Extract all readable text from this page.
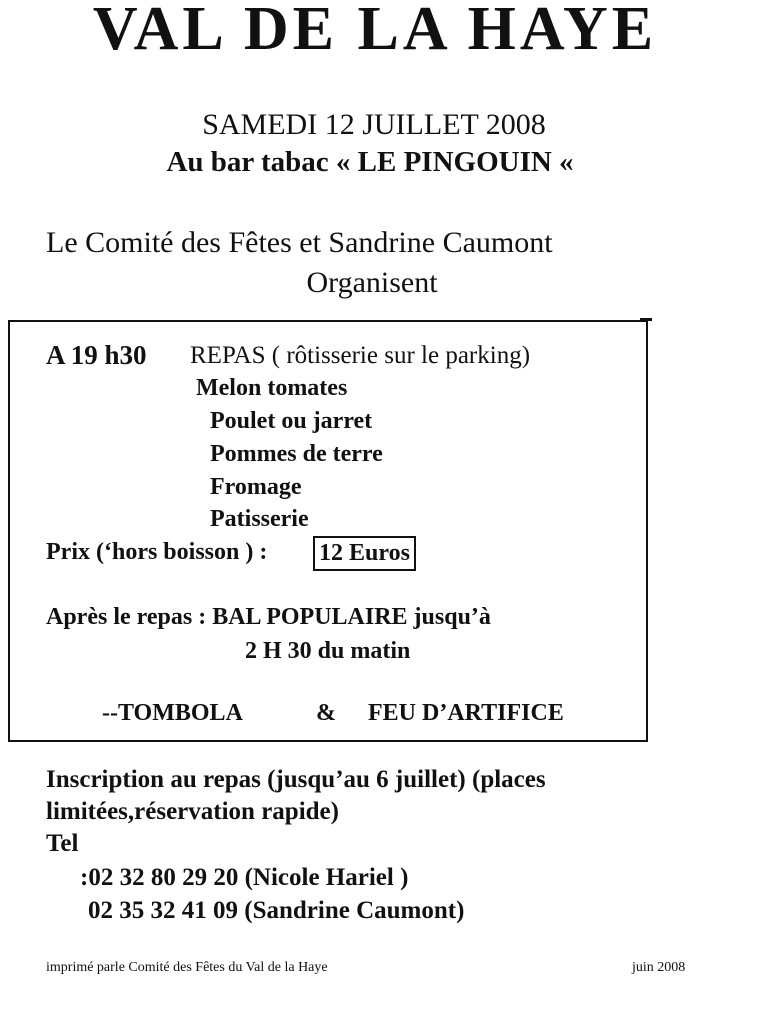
VAL DE LA HAYE
SAMEDI 12 JUILLET 2008
Au bar tabac « LE PINGOUIN «
Le Comité des Fêtes et Sandrine Caumont
Organisent
A 19 h30 REPAS ( rôtisserie sur le parking)
Melon tomates
Poulet ou jarret
Pommes de terre
Fromage
Patisserie
Prix (‘hors boisson ) : 12 Euros
Après le repas : BAL POPULAIRE jusqu’à
2 H 30 du matin
--TOMBOLA	& FEU D’ARTIFICE
Inscription au repas (jusqu’au 6 juillet) (places
limitées,réservation rapide)
Tel
:02 32 80 29 20 (Nicole Hariel )
02 35 32 41 09 (Sandrine Caumont)
imprimé parle Comité des Fêtes du Val de la Haye	juin 2008
